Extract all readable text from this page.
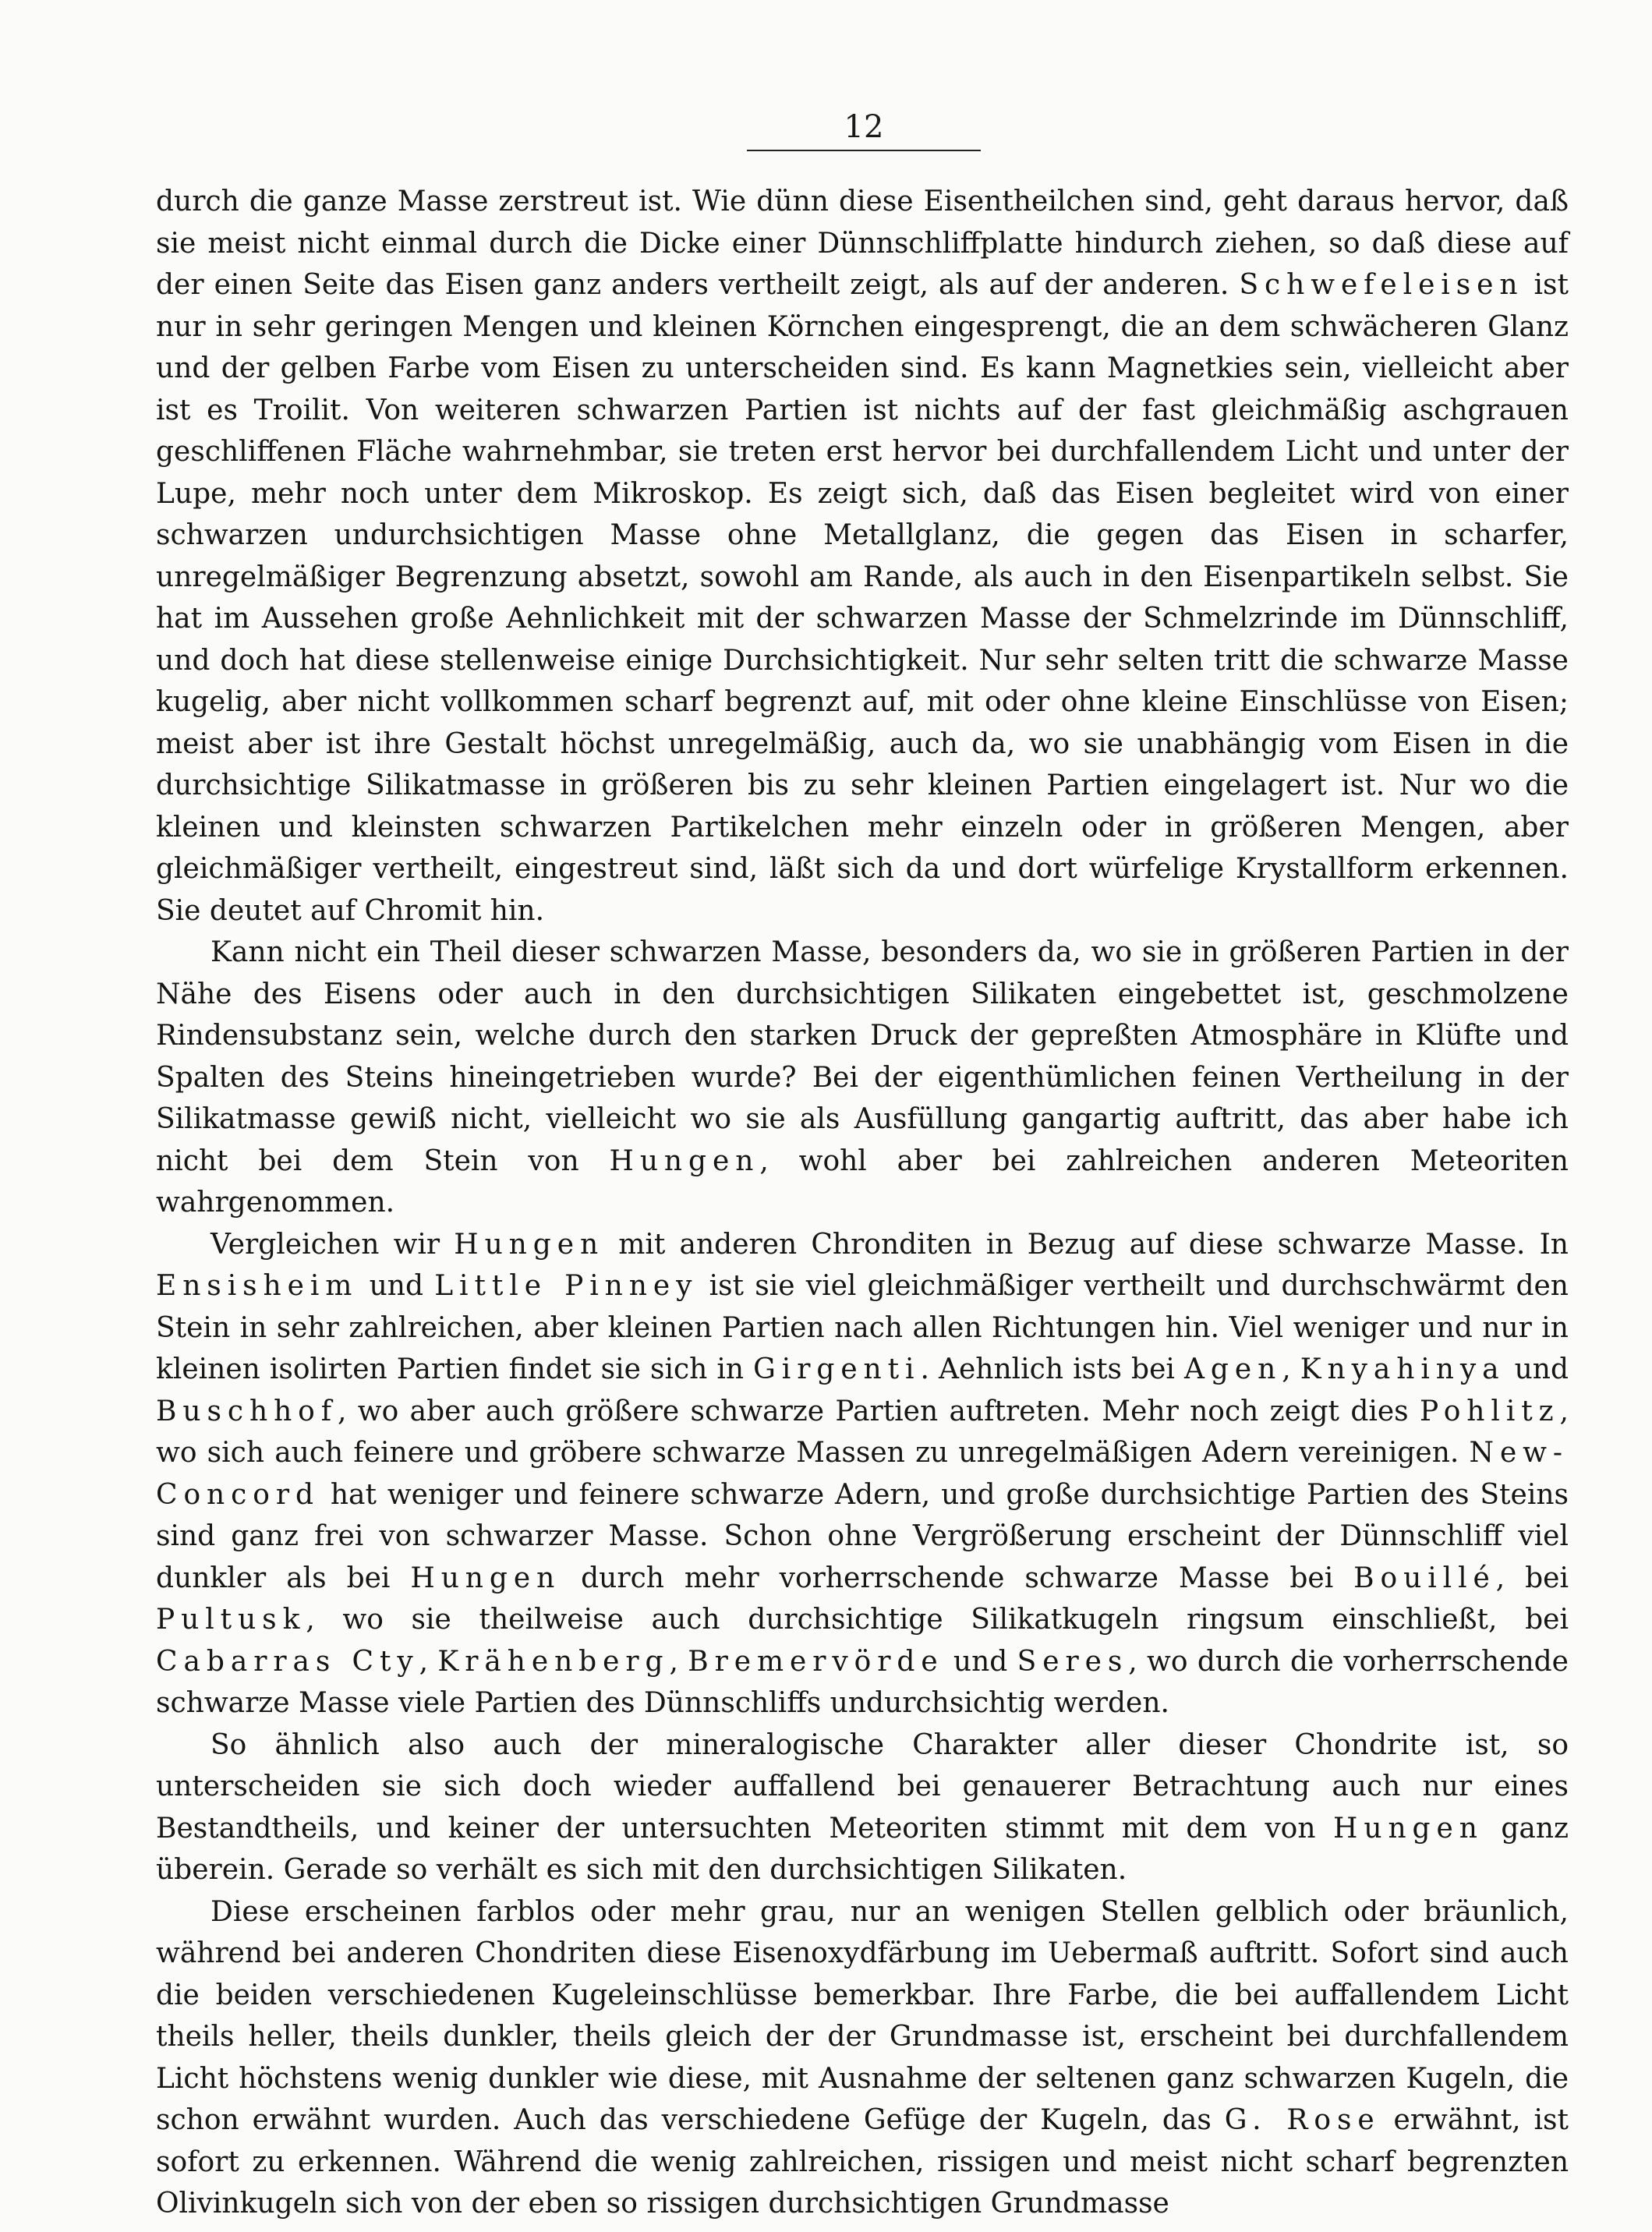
12

durch die ganze Masse zerstreut ist. Wie dünn diese Eisentheilchen sind, geht daraus hervor, daß sie meist nicht einmal durch die Dicke einer Dünnschliffplatte hindurch ziehen, so daß diese auf der einen Seite das Eisen ganz anders vertheilt zeigt, als auf der anderen. Schwefeleisen ist nur in sehr geringen Mengen und kleinen Körnchen eingesprengt, die an dem schwächeren Glanz und der gelben Farbe vom Eisen zu unterscheiden sind. Es kann Magnetkies sein, vielleicht aber ist es Troilit. Von weiteren schwarzen Partien ist nichts auf der fast gleichmäßig aschgrauen geschliffenen Fläche wahrnehmbar, sie treten erst hervor bei durchfallendem Licht und unter der Lupe, mehr noch unter dem Mikroskop. Es zeigt sich, daß das Eisen begleitet wird von einer schwarzen undurchsichtigen Masse ohne Metallglanz, die gegen das Eisen in scharfer, unregelmäßiger Begrenzung absetzt, sowohl am Rande, als auch in den Eisenpartikeln selbst. Sie hat im Aussehen große Aehnlichkeit mit der schwarzen Masse der Schmelzrinde im Dünnschliff, und doch hat diese stellenweise einige Durchsichtigkeit. Nur sehr selten tritt die schwarze Masse kugelig, aber nicht vollkommen scharf begrenzt auf, mit oder ohne kleine Einschlüsse von Eisen; meist aber ist ihre Gestalt höchst unregelmäßig, auch da, wo sie unabhängig vom Eisen in die durchsichtige Silikatmasse in größeren bis zu sehr kleinen Partien eingelagert ist. Nur wo die kleinen und kleinsten schwarzen Partikelchen mehr einzeln oder in größeren Mengen, aber gleichmäßiger vertheilt, eingestreut sind, läßt sich da und dort würfelige Krystallform erkennen. Sie deutet auf Chromit hin.

Kann nicht ein Theil dieser schwarzen Masse, besonders da, wo sie in größeren Partien in der Nähe des Eisens oder auch in den durchsichtigen Silikaten eingebettet ist, geschmolzene Rindensubstanz sein, welche durch den starken Druck der gepreßten Atmosphäre in Klüfte und Spalten des Steins hineingetrieben wurde? Bei der eigenthümlichen feinen Vertheilung in der Silikatmasse gewiß nicht, vielleicht wo sie als Ausfüllung gangartig auftritt, das aber habe ich nicht bei dem Stein von Hungen, wohl aber bei zahlreichen anderen Meteoriten wahrgenommen.

Vergleichen wir Hungen mit anderen Chronditen in Bezug auf diese schwarze Masse. In Ensisheim und Little Pinney ist sie viel gleichmäßiger vertheilt und durchschwärmt den Stein in sehr zahlreichen, aber kleinen Partien nach allen Richtungen hin. Viel weniger und nur in kleinen isolirten Partien findet sie sich in Girgenti. Aehnlich ists bei Agen, Knyahinya und Buschhof, wo aber auch größere schwarze Partien auftreten. Mehr noch zeigt dies Pohlitz, wo sich auch feinere und gröbere schwarze Massen zu unregelmäßigen Adern vereinigen. New-Concord hat weniger und feinere schwarze Adern, und große durchsichtige Partien des Steins sind ganz frei von schwarzer Masse. Schon ohne Vergrößerung erscheint der Dünnschliff viel dunkler als bei Hungen durch mehr vorherrschende schwarze Masse bei Bouillé, bei Pultusk, wo sie theilweise auch durchsichtige Silikatkugeln ringsum einschließt, bei Cabarras Cty, Krähenberg, Bremervörde und Seres, wo durch die vorherrschende schwarze Masse viele Partien des Dünnschliffs undurchsichtig werden.

So ähnlich also auch der mineralogische Charakter aller dieser Chondrite ist, so unterscheiden sie sich doch wieder auffallend bei genauerer Betrachtung auch nur eines Bestandtheils, und keiner der untersuchten Meteoriten stimmt mit dem von Hungen ganz überein. Gerade so verhält es sich mit den durchsichtigen Silikaten.

Diese erscheinen farblos oder mehr grau, nur an wenigen Stellen gelblich oder bräunlich, während bei anderen Chondriten diese Eisenoxydfärbung im Uebermaß auftritt. Sofort sind auch die beiden verschiedenen Kugeleinschlüsse bemerkbar. Ihre Farbe, die bei auffallendem Licht theils heller, theils dunkler, theils gleich der der Grundmasse ist, erscheint bei durchfallendem Licht höchstens wenig dunkler wie diese, mit Ausnahme der seltenen ganz schwarzen Kugeln, die schon erwähnt wurden. Auch das verschiedene Gefüge der Kugeln, das G. Rose erwähnt, ist sofort zu erkennen. Während die wenig zahlreichen, rissigen und meist nicht scharf begrenzten Olivinkugeln sich von der eben so rissigen durchsichtigen Grundmasse
